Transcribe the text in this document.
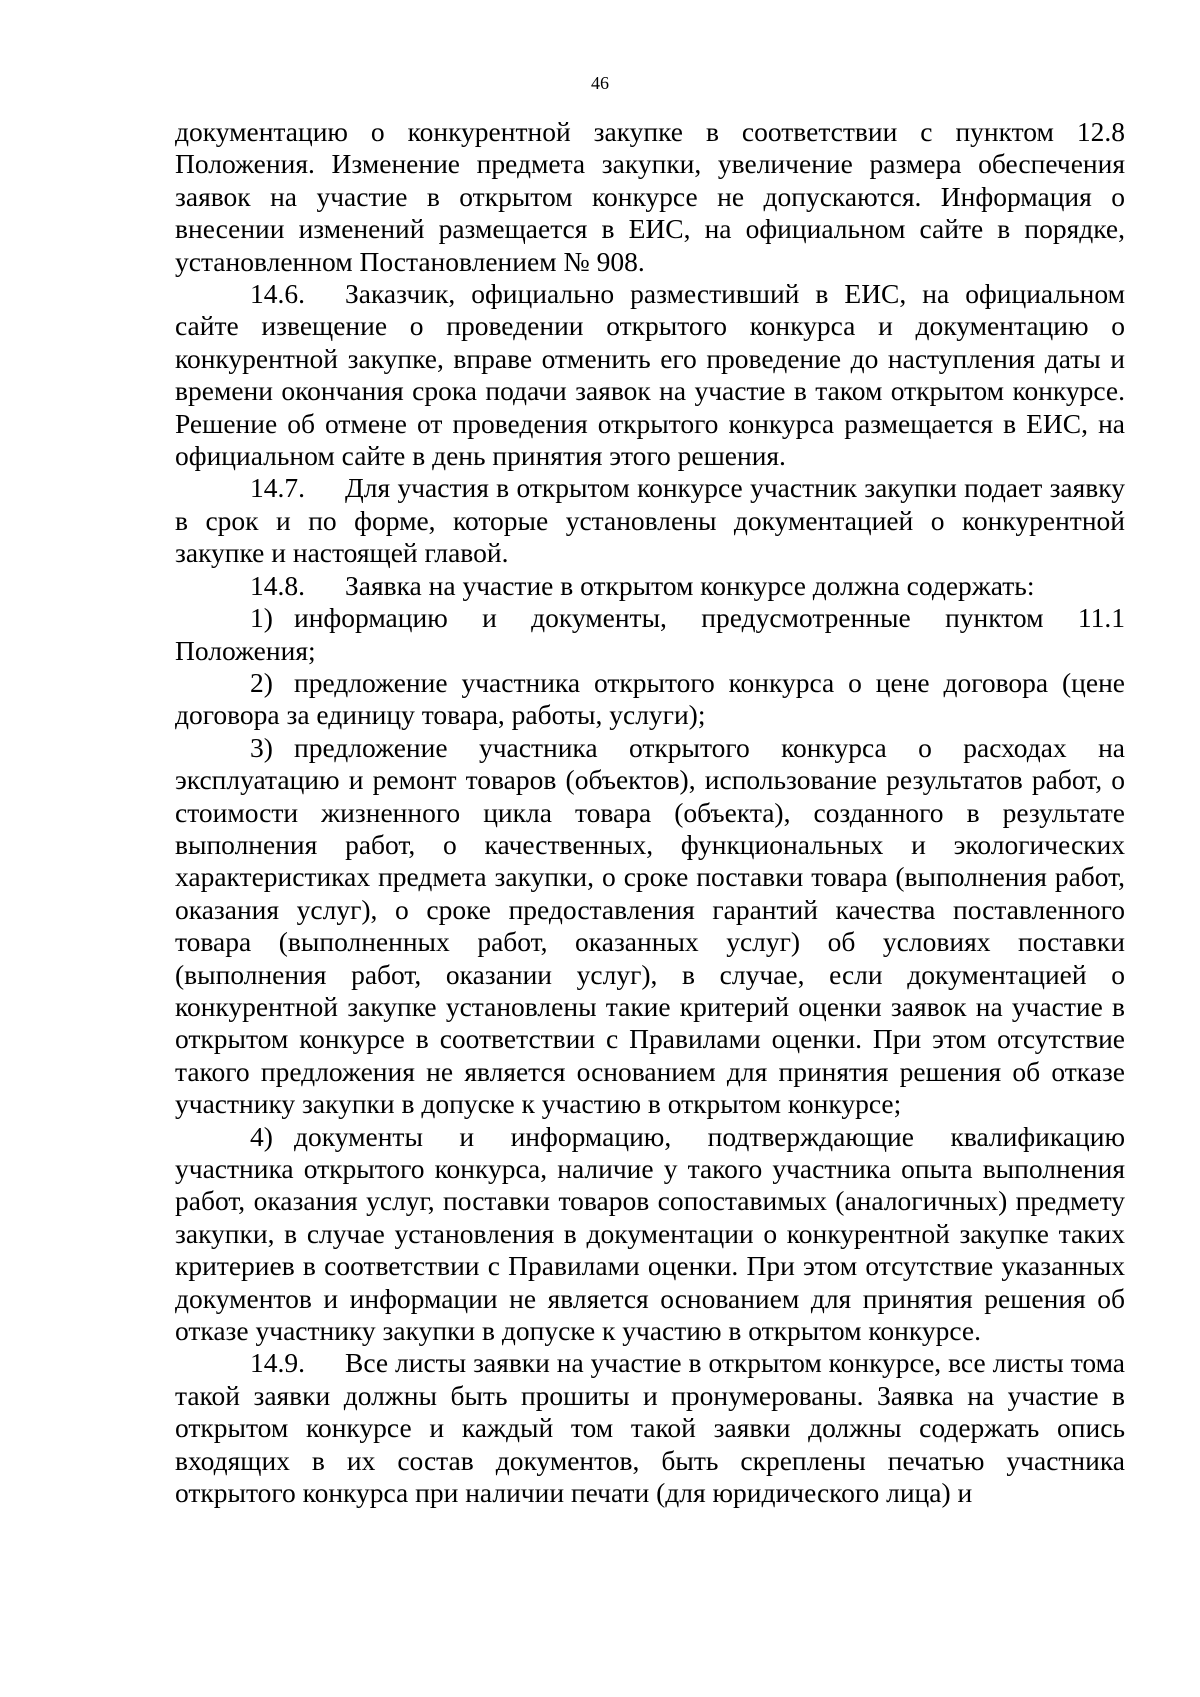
46

документацию о конкурентной закупке в соответствии с пунктом 12.8 Положения. Изменение предмета закупки, увеличение размера обеспечения заявок на участие в открытом конкурсе не допускаются. Информация о внесении изменений размещается в ЕИС, на официальном сайте в порядке, установленном Постановлением № 908.

14.6. Заказчик, официально разместивший в ЕИС, на официальном сайте извещение о проведении открытого конкурса и документацию о конкурентной закупке, вправе отменить его проведение до наступления даты и времени окончания срока подачи заявок на участие в таком открытом конкурсе. Решение об отмене от проведения открытого конкурса размещается в ЕИС, на официальном сайте в день принятия этого решения.

14.7. Для участия в открытом конкурсе участник закупки подает заявку в срок и по форме, которые установлены документацией о конкурентной закупке и настоящей главой.

14.8. Заявка на участие в открытом конкурсе должна содержать:

1) информацию и документы, предусмотренные пунктом 11.1 Положения;

2) предложение участника открытого конкурса о цене договора (цене договора за единицу товара, работы, услуги);

3) предложение участника открытого конкурса о расходах на эксплуатацию и ремонт товаров (объектов), использование результатов работ, о стоимости жизненного цикла товара (объекта), созданного в результате выполнения работ, о качественных, функциональных и экологических характеристиках предмета закупки, о сроке поставки товара (выполнения работ, оказания услуг), о сроке предоставления гарантий качества поставленного товара (выполненных работ, оказанных услуг) об условиях поставки (выполнения работ, оказании услуг), в случае, если документацией о конкурентной закупке установлены такие критерий оценки заявок на участие в открытом конкурсе в соответствии с Правилами оценки. При этом отсутствие такого предложения не является основанием для принятия решения об отказе участнику закупки в допуске к участию в открытом конкурсе;

4) документы и информацию, подтверждающие квалификацию участника открытого конкурса, наличие у такого участника опыта выполнения работ, оказания услуг, поставки товаров сопоставимых (аналогичных) предмету закупки, в случае установления в документации о конкурентной закупке таких критериев в соответствии с Правилами оценки. При этом отсутствие указанных документов и информации не является основанием для принятия решения об отказе участнику закупки в допуске к участию в открытом конкурсе.

14.9. Все листы заявки на участие в открытом конкурсе, все листы тома такой заявки должны быть прошиты и пронумерованы. Заявка на участие в открытом конкурсе и каждый том такой заявки должны содержать опись входящих в их состав документов, быть скреплены печатью участника открытого конкурса при наличии печати (для юридического лица) и
